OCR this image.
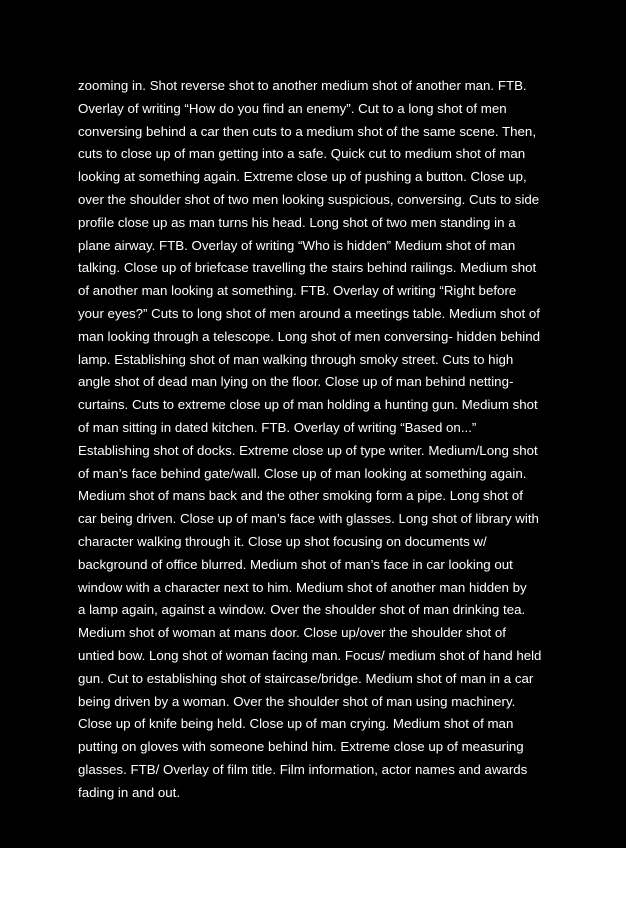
zooming in. Shot reverse shot to another medium shot of another man. FTB.
Overlay of writing “How do you find an enemy”. Cut to a long shot of men
conversing behind a car then cuts to a medium shot of the same scene. Then,
cuts to close up of man getting into a safe. Quick cut to medium shot of man
looking at something again. Extreme close up of pushing a button. Close up,
over the shoulder shot of two men looking suspicious, conversing. Cuts to side
profile close up as man turns his head. Long shot of two men standing in a
plane airway. FTB. Overlay of writing “Who is hidden” Medium shot of man
talking. Close up of briefcase travelling the stairs behind railings. Medium shot
of another man looking at something. FTB. Overlay of writing “Right before
your eyes?” Cuts to long shot of men around a meetings table. Medium shot of
man looking through a telescope. Long shot of men conversing- hidden behind
lamp. Establishing shot of man walking through smoky street. Cuts to high
angle shot of dead man lying on the floor. Close up of man behind netting-
curtains. Cuts to extreme close up of man holding a hunting gun. Medium shot
of man sitting in dated kitchen. FTB. Overlay of writing “Based on...”
Establishing shot of docks. Extreme close up of type writer. Medium/Long shot
of man’s face behind gate/wall. Close up of man looking at something again.
Medium shot of mans back and the other smoking form a pipe. Long shot of
car being driven. Close up of man’s face with glasses. Long shot of library with
character walking through it. Close up shot focusing on documents w/
background of office blurred. Medium shot of man’s face in car looking out
window with a character next to him. Medium shot of another man hidden by
a lamp again, against a window. Over the shoulder shot of man drinking tea.
Medium shot of woman at mans door. Close up/over the shoulder shot of
untied bow. Long shot of woman facing man. Focus/ medium shot of hand held
gun. Cut to establishing shot of staircase/bridge. Medium shot of man in a car
being driven by a woman. Over the shoulder shot of man using machinery.
Close up of knife being held. Close up of man crying. Medium shot of man
putting on gloves with someone behind him. Extreme close up of measuring
glasses. FTB/ Overlay of film title. Film information, actor names and awards
fading in and out.
